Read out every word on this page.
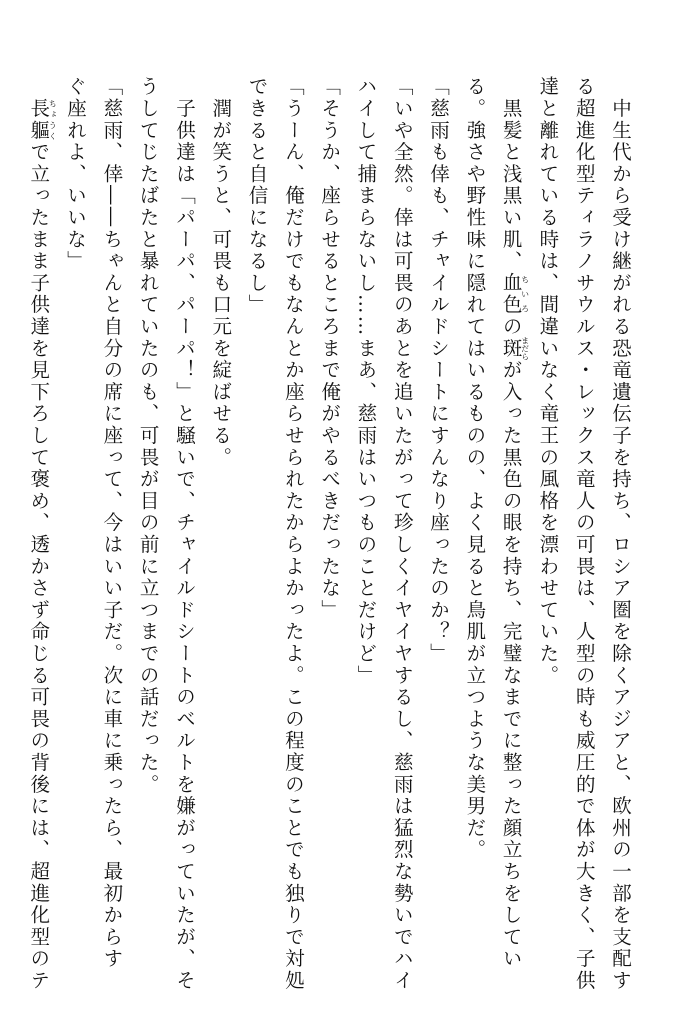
　中生代から受け継がれる恐竜遺伝子を持ち、ロシア圏を除くアジアと、欧州の一部を支配す
る超進化型ティラノサウルス・レックス竜人の可畏は、人型の時も威圧的で体が大きく、子供
達と離れている時は、間違いなく竜王の風格を漂わせていた。
　黒髪と浅黒い肌、血色ちいろの斑まだらが入った黒色の眼を持ち、完璧なまでに整った顔立ちをしてい
る。強さや野性味に隠れてはいるものの、よく見ると鳥肌が立つような美男だ。
「慈雨も倖も、チャイルドシートにすんなり座ったのか？」
「いや全然。倖は可畏のあとを追いたがって珍しくイヤイヤするし、慈雨は猛烈な勢いでハイ
ハイして捕まらないし……まあ、慈雨はいつものことだけど」
「そうか、座らせるところまで俺がやるべきだったな」
「うーん、俺だけでもなんとか座らせられたからよかったよ。この程度のことでも独りで対処
できると自信になるし」
　潤が笑うと、可畏も口元を綻ばせる。
　子供達は「パーパ、パーパ！」と騒いで、チャイルドシートのベルトを嫌がっていたが、そ
うしてじたばたと暴れていたのも、可畏が目の前に立つまでの話だった。
「慈雨、倖――ちゃんと自分の席に座って、今はいい子だ。次に車に乗ったら、最初からす
ぐ座れよ、いいな」
　長軀ちょうくで立ったまま子供達を見下ろして褒め、透かさず命じる可畏の背後には、超進化型のテ
